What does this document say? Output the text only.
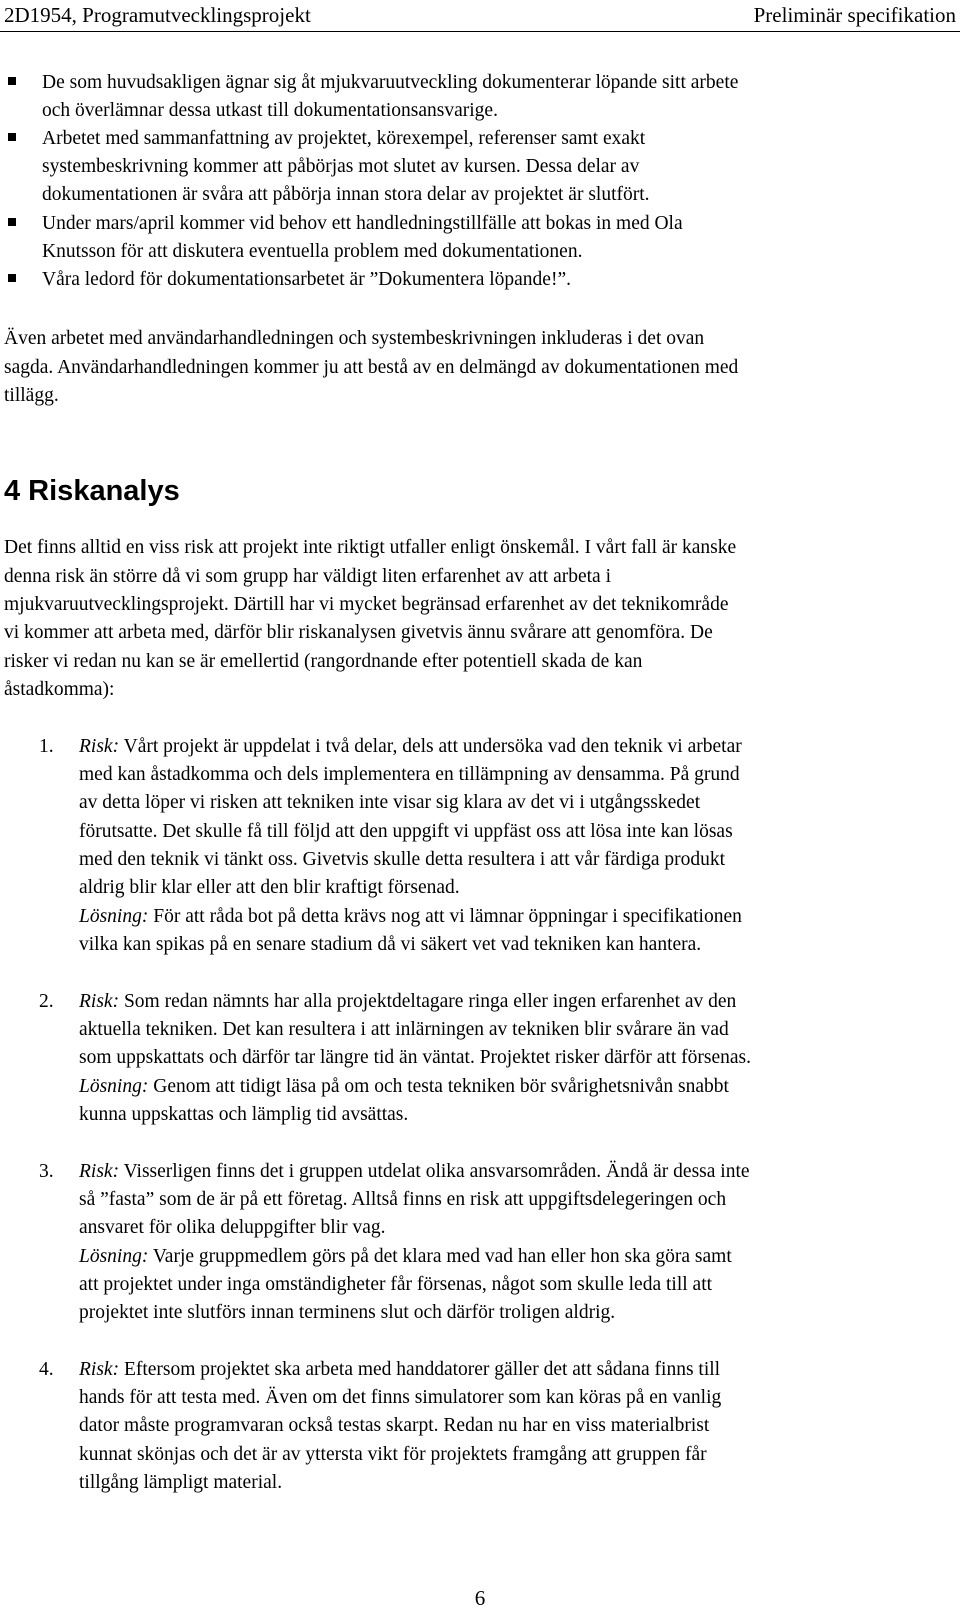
2D1954, Programutvecklingsprojekt	Preliminär specifikation
De som huvudsakligen ägnar sig åt mjukvaruutveckling dokumenterar löpande sitt arbete
och överlämnar dessa utkast till dokumentationsansvarige.
Arbetet med sammanfattning av projektet, körexempel, referenser samt exakt
systembeskrivning kommer att påbörjas mot slutet av kursen. Dessa delar av
dokumentationen är svåra att påbörja innan stora delar av projektet är slutfört.
Under mars/april kommer vid behov ett handledningstillfälle att bokas in med Ola
Knutsson för att diskutera eventuella problem med dokumentationen.
Våra ledord för dokumentationsarbetet är ”Dokumentera löpande!”.
Även arbetet med användarhandledningen och systembeskrivningen inkluderas i det ovan
sagda. Användarhandledningen kommer ju att bestå av en delmängd av dokumentationen med
tillägg.
4 Riskanalys
Det finns alltid en viss risk att projekt inte riktigt utfaller enligt önskemål. I vårt fall är kanske
denna risk än större då vi som grupp har väldigt liten erfarenhet av att arbeta i
mjukvaruutvecklingsprojekt. Därtill har vi mycket begränsad erfarenhet av det teknikområde
vi kommer att arbeta med, därför blir riskanalysen givetvis ännu svårare att genomföra. De
risker vi redan nu kan se är emellertid (rangordnande efter potentiell skada de kan
åstadkomma):
1. Risk: Vårt projekt är uppdelat i två delar, dels att undersöka vad den teknik vi arbetar
med kan åstadkomma och dels implementera en tillämpning av densamma. På grund
av detta löper vi risken att tekniken inte visar sig klara av det vi i utgångsskedet
förutsatte. Det skulle få till följd att den uppgift vi uppfäst oss att lösa inte kan lösas
med den teknik vi tänkt oss. Givetvis skulle detta resultera i att vår färdiga produkt
aldrig blir klar eller att den blir kraftigt försenad.
Lösning: För att råda bot på detta krävs nog att vi lämnar öppningar i specifikationen
vilka kan spikas på en senare stadium då vi säkert vet vad tekniken kan hantera.
2. Risk: Som redan nämnts har alla projektdeltagare ringa eller ingen erfarenhet av den
aktuella tekniken. Det kan resultera i att inlärningen av tekniken blir svårare än vad
som uppskattats och därför tar längre tid än väntat. Projektet risker därför att försenas.
Lösning: Genom att tidigt läsa på om och testa tekniken bör svårighetsnivån snabbt
kunna uppskattas och lämplig tid avsättas.
3. Risk: Visserligen finns det i gruppen utdelat olika ansvarsområden. Ändå är dessa inte
så ”fasta” som de är på ett företag. Alltså finns en risk att uppgiftsdelegeringen och
ansvaret för olika deluppgifter blir vag.
Lösning: Varje gruppmedlem görs på det klara med vad han eller hon ska göra samt
att projektet under inga omständigheter får försenas, något som skulle leda till att
projektet inte slutförs innan terminens slut och därför troligen aldrig.
4. Risk: Eftersom projektet ska arbeta med handdatorer gäller det att sådana finns till
hands för att testa med. Även om det finns simulatorer som kan köras på en vanlig
dator måste programvaran också testas skarpt. Redan nu har en viss materialbrist
kunnat skönjas och det är av yttersta vikt för projektets framgång att gruppen får
tillgång lämpligt material.
6
